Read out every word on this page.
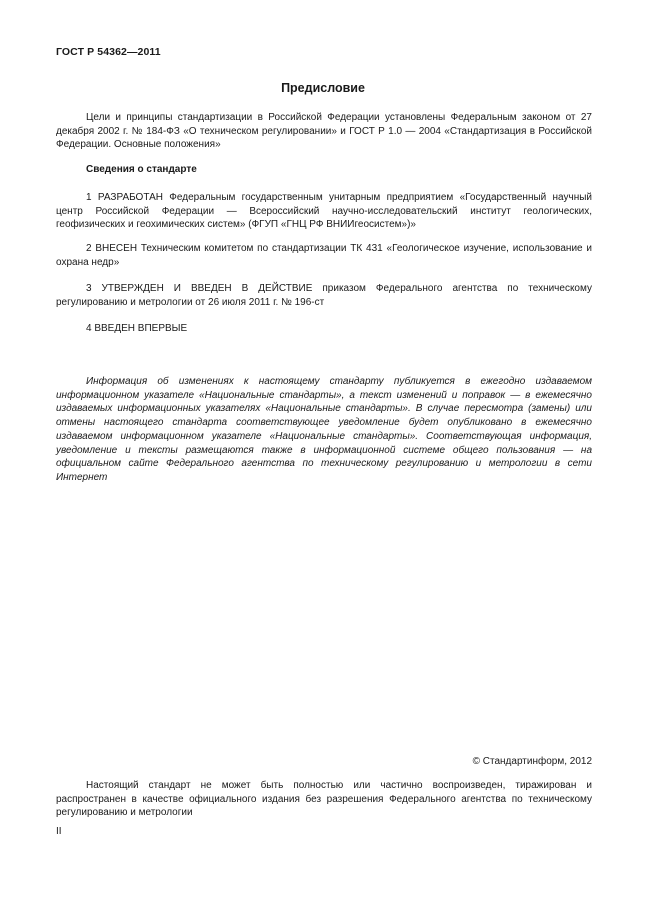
ГОСТ Р 54362—2011
Предисловие

Цели и принципы стандартизации в Российской Федерации установлены Федеральным законом от 27 декабря 2002 г. № 184-ФЗ «О техническом регулировании» и ГОСТ Р 1.0 — 2004 «Стандартизация в Российской Федерации. Основные положения»

Сведения о стандарте

1 РАЗРАБОТАН Федеральным государственным унитарным предприятием «Государственный научный центр Российской Федерации — Всероссийский научно-исследовательский институт геологических, геофизических и геохимических систем» (ФГУП «ГНЦ РФ ВНИИгеосистем»)»

2 ВНЕСЕН Техническим комитетом по стандартизации ТК 431 «Геологическое изучение, использование и охрана недр»

3 УТВЕРЖДЕН И ВВЕДЕН В ДЕЙСТВИЕ приказом Федерального агентства по техническому регулированию и метрологии от 26 июля 2011 г. № 196-ст

4 ВВЕДЕН ВПЕРВЫЕ

Информация об изменениях к настоящему стандарту публикуется в ежегодно издаваемом информационном указателе «Национальные стандарты», а текст изменений и поправок — в ежемесячно издаваемых информационных указателях «Национальные стандарты». В случае пересмотра (замены) или отмены настоящего стандарта соответствующее уведомление будет опубликовано в ежемесячно издаваемом информационном указателе «Национальные стандарты». Соответствующая информация, уведомление и тексты размещаются также в информационной системе общего пользования — на официальном сайте Федерального агентства по техническому регулированию и метрологии в сети Интернет

© Стандартинформ, 2012

Настоящий стандарт не может быть полностью или частично воспроизведен, тиражирован и распространен в качестве официального издания без разрешения Федерального агентства по техническому регулированию и метрологии

II
